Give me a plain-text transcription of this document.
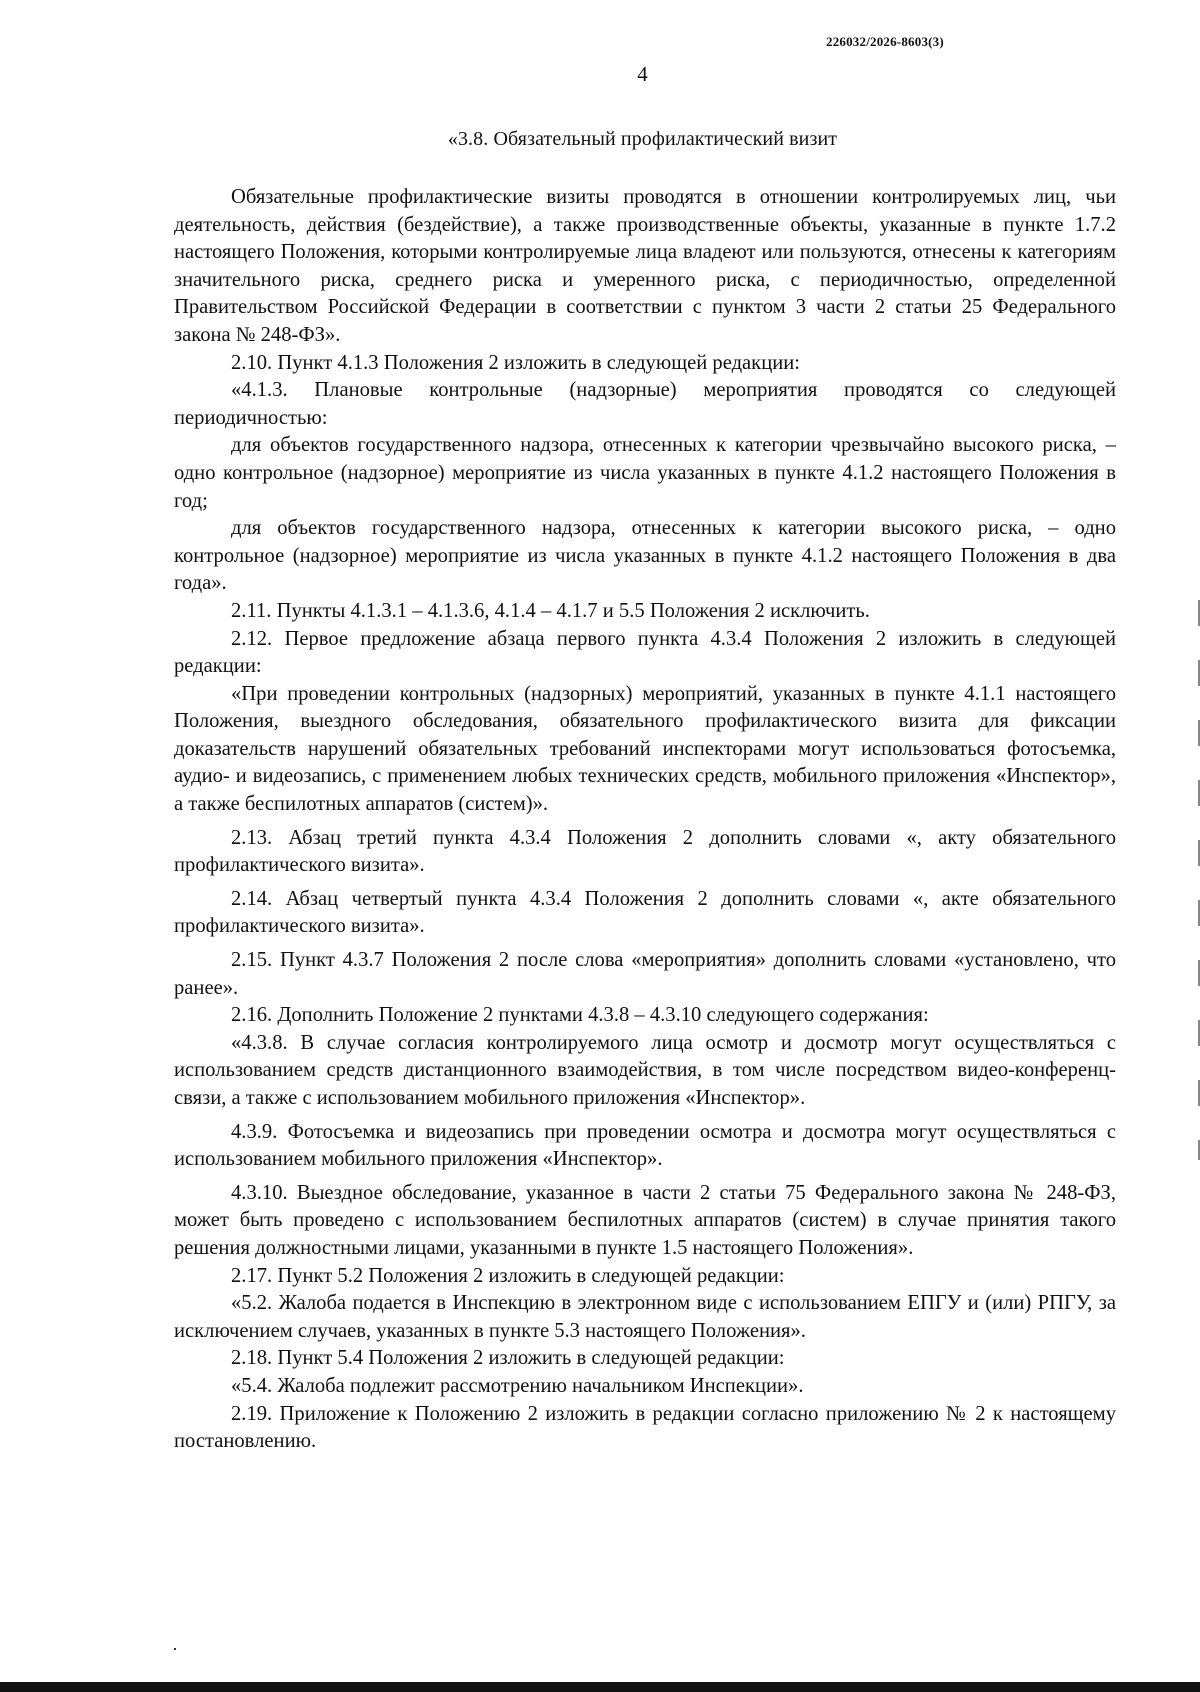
226032/2026-8603(3)
4
«3.8. Обязательный профилактический визит

Обязательные профилактические визиты проводятся в отношении контролируемых лиц, чьи деятельность, действия (бездействие), а также производственные объекты, указанные в пункте 1.7.2 настоящего Положения, которыми контролируемые лица владеют или пользуются, отнесены к категориям значительного риска, среднего риска и умеренного риска, с периодичностью, определенной Правительством Российской Федерации в соответствии с пунктом 3 части 2 статьи 25 Федерального закона № 248-ФЗ».

2.10. Пункт 4.1.3 Положения 2 изложить в следующей редакции:

«4.1.3. Плановые контрольные (надзорные) мероприятия проводятся со следующей периодичностью:

для объектов государственного надзора, отнесенных к категории чрезвычайно высокого риска, – одно контрольное (надзорное) мероприятие из числа указанных в пункте 4.1.2 настоящего Положения в год;

для объектов государственного надзора, отнесенных к категории высокого риска, – одно контрольное (надзорное) мероприятие из числа указанных в пункте 4.1.2 настоящего Положения в два года».

2.11. Пункты 4.1.3.1 – 4.1.3.6, 4.1.4 – 4.1.7 и 5.5 Положения 2 исключить.

2.12. Первое предложение абзаца первого пункта 4.3.4 Положения 2 изложить в следующей редакции:

«При проведении контрольных (надзорных) мероприятий, указанных в пункте 4.1.1 настоящего Положения, выездного обследования, обязательного профилактического визита для фиксации доказательств нарушений обязательных требований инспекторами могут использоваться фотосъемка, аудио- и видеозапись, с применением любых технических средств, мобильного приложения «Инспектор», а также беспилотных аппаратов (систем)».

2.13. Абзац третий пункта 4.3.4 Положения 2 дополнить словами «, акту обязательного профилактического визита».

2.14. Абзац четвертый пункта 4.3.4 Положения 2 дополнить словами «, акте обязательного профилактического визита».

2.15. Пункт 4.3.7 Положения 2 после слова «мероприятия» дополнить словами «установлено, что ранее».

2.16. Дополнить Положение 2 пунктами 4.3.8 – 4.3.10 следующего содержания:

«4.3.8. В случае согласия контролируемого лица осмотр и досмотр могут осуществляться с использованием средств дистанционного взаимодействия, в том числе посредством видео-конференц-связи, а также с использованием мобильного приложения «Инспектор».

4.3.9. Фотосъемка и видеозапись при проведении осмотра и досмотра могут осуществляться с использованием мобильного приложения «Инспектор».

4.3.10. Выездное обследование, указанное в части 2 статьи 75 Федерального закона № 248-ФЗ, может быть проведено с использованием беспилотных аппаратов (систем) в случае принятия такого решения должностными лицами, указанными в пункте 1.5 настоящего Положения».

2.17. Пункт 5.2 Положения 2 изложить в следующей редакции:

«5.2. Жалоба подается в Инспекцию в электронном виде с использованием ЕПГУ и (или) РПГУ, за исключением случаев, указанных в пункте 5.3 настоящего Положения».

2.18. Пункт 5.4 Положения 2 изложить в следующей редакции:

«5.4. Жалоба подлежит рассмотрению начальником Инспекции».

2.19. Приложение к Положению 2 изложить в редакции согласно приложению № 2 к настоящему постановлению.
